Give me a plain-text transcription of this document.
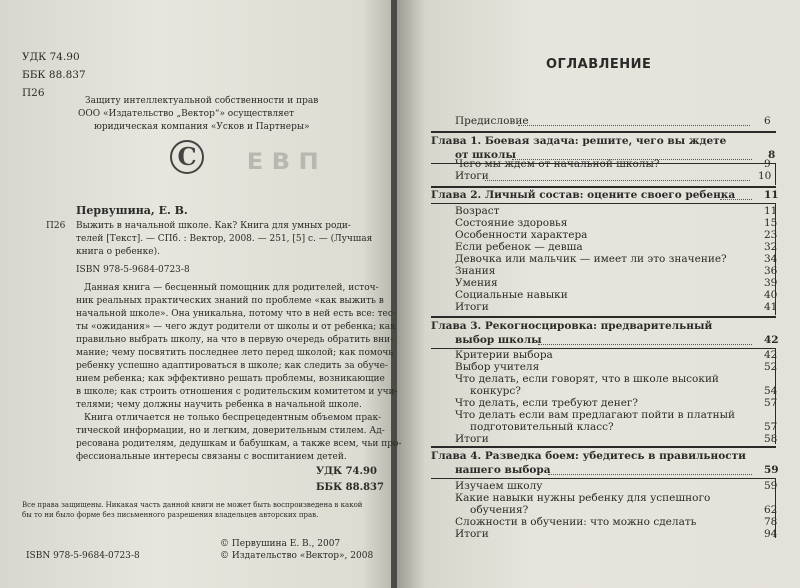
Е В П
УДК 74.90
ББК 88.837
П26
Защиту интеллектуальной собственности и прав
ООО «Издательство „Вектор“» осуществляет
юридическая компания «Усков и Партнеры»
C
Первушина, Е. В.
П26 Выжить в начальной школе. Как? Книга для умных роди-
телей [Текст]. — СПб. : Вектор, 2008. — 251, [5] с. — (Лучшая
книга о ребенке).
ISBN 978-5-9684-0723-8
Данная книга — бесценный помощник для родителей, источ-
ник реальных практических знаний по проблеме «как выжить в
начальной школе». Она уникальна, потому что в ней есть все: тес-
ты «ожидания» — чего ждут родители от школы и от ребенка; как
правильно выбрать школу, на что в первую очередь обратить вни-
мание; чему посвятить последнее лето перед школой; как помочь
ребенку успешно адаптироваться в школе; как следить за обуче-
нием ребенка; как эффективно решать проблемы, возникающие
в школе; как строить отношения с родительским комитетом и учи-
телями; чему должны научить ребенка в начальной школе.
Книга отличается не только беспрецедентным объемом прак-
тической информации, но и легким, доверительным стилем. Ад-
ресована родителям, дедушкам и бабушкам, а также всем, чьи про-
фессиональные интересы связаны с воспитанием детей.
УДК 74.90
ББК 88.837
Все права защищены. Никакая часть данной книги не может быть воспроизведена в какой
бы то ни было форме без письменного разрешения владельцев авторских прав.
© Первушина Е. В., 2007
ISBN 978-5-9684-0723-8	© Издательство «Вектор», 2008
ОГЛАВЛЕНИЕ
Предисловие	6
Глава 1. Боевая задача: решите, чего вы ждете
от школы	8
Чего мы ждем от начальной школы?	9
Итоги	10
Глава 2. Личный состав: оцените своего ребенка	11
Возраст	11
Состояние здоровья	15
Особенности характера	23
Если ребенок — девша	32
Девочка или мальчик — имеет ли это значение?	34
Знания	36
Умения	39
Социальные навыки	40
Итоги	41
Глава 3. Рекогносцировка: предварительный
выбор школы	42
Критерии выбора	42
Выбор учителя	52
Что делать, если говорят, что в школе высокий
конкурс?	54
Что делать, если требуют денег?	57
Что делать если вам предлагают пойти в платный
подготовительный класс?	57
Итоги	58
Глава 4. Разведка боем: убедитесь в правильности
нашего выбора	59
Изучаем школу	59
Какие навыки нужны ребенку для успешного
обучения?	62
Сложности в обучении: что можно сделать	78
Итоги	94
